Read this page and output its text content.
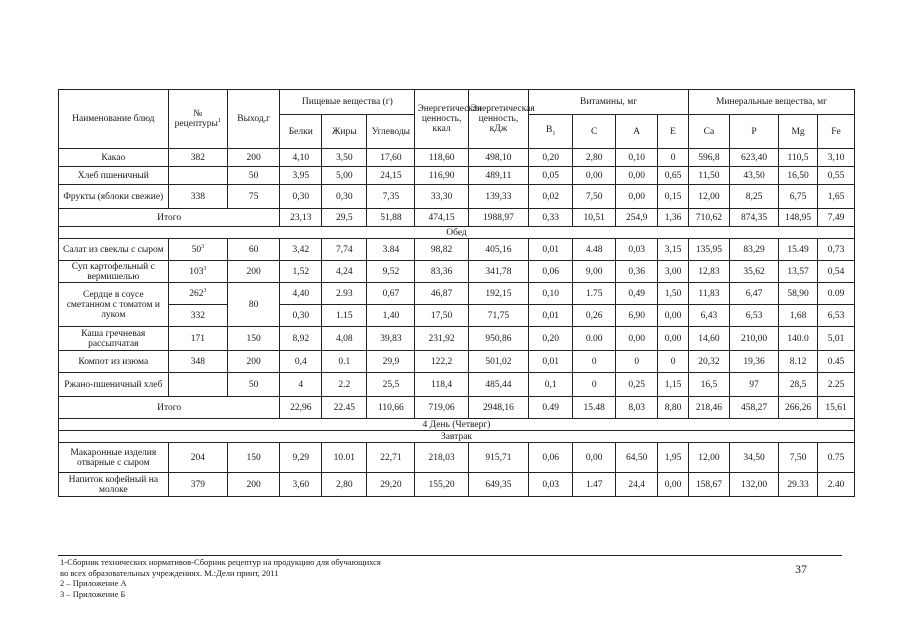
Наименование блюд	№ рецептуры$^1$	Выход,г	Пищевые вещества (г)			Энергетическая ценность, ккал	Энергетическая ценность, кДж	Витамины, мг				Минеральные вещества, мг			
			Белки	Жиры	Углеводы			$B_1$	C	A	E	Ca	P	Mg	Fe
Какао	382	200	4,10	3,50	17,60	118,60	498,10	0,20	2,80	0,10	0	596,8	623,40	110,5	3,10
Хлеб пшеничный		50	3,95	5,00	24,15	116,90	489,11	0,05	0,00	0,00	0,65	11,50	43,50	16,50	0,55
Фрукты (яблоки свежие)	338	75	0,30	0,30	7,35	33,30	139,33	0,02	7,50	0,00	0,15	12,00	8,25	6,75	1,65
Итого			23,13	29,5	51,88	474,15	1988,97	0,33	10,51	254,9	1,36	710,62	874,35	148,95	7,49
Обед															
Салат из свеклы с сыром	$50^3$	60	3,42	7,74	3.84	98,82	405,16	0,01	4.48	0,03	3,15	135,95	83,29	15.49	0,73
Суп картофельный с вермишелью	$103^3$	200	1,52	4,24	9,52	83,36	341,78	0,06	9,00	0,36	3,00	12,83	35,62	13,57	0,54
Сердце в соусе сметанном с томатом и луком	$262^3$	80	4,40	2.93	0,67	46,87	192,15	0,10	1.75	0,49	1,50	11,83	6,47	58,90	0.09
	332		0,30	1.15	1,40	17,50	71,75	0,01	0,26	6,90	0,00	6,43	6,53	1,68	6,53
Каша гречневая рассыпчатая	171	150	8,92	4,08	39,83	231,92	950,86	0,20	0.00	0,00	0,00	14,60	210,00	140.0	5,01
Компот из изюма	348	200	0,4	0.1	29,9	122,2	501,02	0,01	0	0	0	20,32	19,36	8.12	0.45
Ржано-пшеничный хлеб		50	4	2.2	25,5	118,4	485,44	0,1	0	0,25	1,15	16,5	97	28,5	2.25
Итого			22,96	22.45	110,66	719,06	2948,16	0.49	15.48	8,03	8,80	218,46	458,27	266,26	15,61
4 День (Четверг)															
Завтрак															
Макаронные изделия отварные с сыром	204	150	9,29	10.01	22,71	218,03	915,71	0,06	0,00	64,50	1,95	12,00	34,50	7,50	0.75
Напиток кофейный на молоке	379	200	3,60	2,80	29,20	155,20	649,35	0,03	1.47	24,4	0,00	158,67	132,00	29.33	2.40
1-Сборник технических нормативов-Сборник рецептур на продукцию для обучающихся
во всех образовательных учреждениях. М.:Дели принт, 2011
2 – Приложение А
3 – Приложение Б
37
